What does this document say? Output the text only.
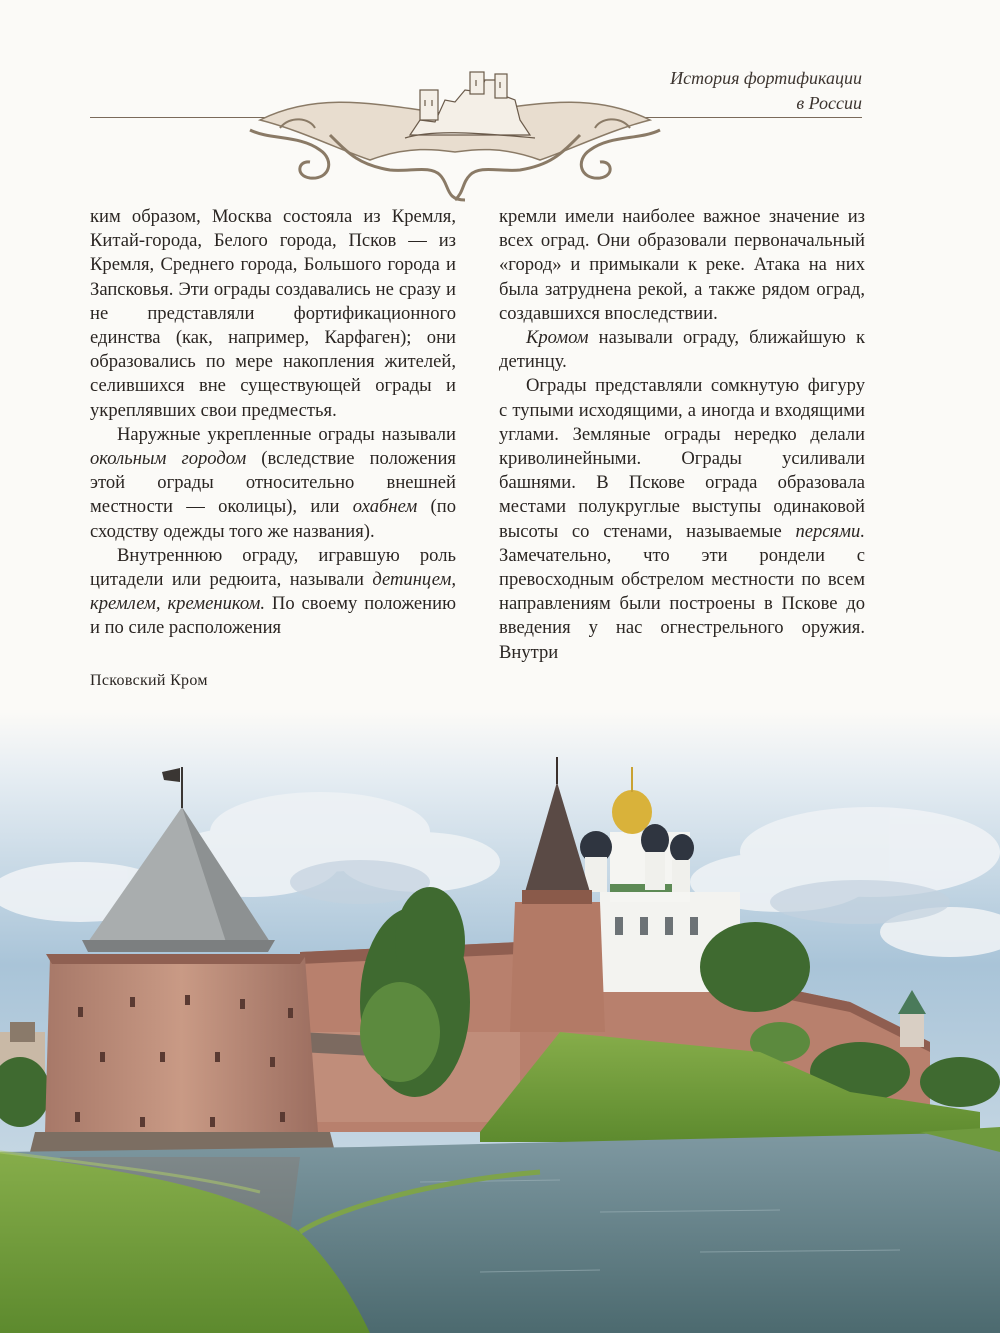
История фортификации
в России

ким образом, Москва состояла из Кремля, Китай-города, Белого города, Псков — из Кремля, Среднего города, Большого города и Запсковья. Эти ограды создавались не сразу и не представляли фортификационного единства (как, например, Карфаген); они образовались по мере накопления жителей, селившихся вне существующей ограды и укреплявших свои предместья.

Наружные укрепленные ограды называли окольным городом (вследствие положения этой ограды относительно внешней местности — околицы), или охабнем (по сходству одежды того же названия).

Внутреннюю ограду, игравшую роль цитадели или редюита, называли детинцем, кремлем, кремеником. По своему положению и по силе расположения

кремли имели наиболее важное значение из всех оград. Они образовали первоначальный «город» и примыкали к реке. Атака на них была затруднена рекой, а также рядом оград, создавшихся впоследствии.

Кромом называли ограду, ближайшую к детинцу.

Ограды представляли сомкнутую фигуру с тупыми исходящими, а иногда и входящими углами. Земляные ограды нередко делали криволинейными. Ограды усиливали башнями. В Пскове ограда образовала местами полукруглые выступы одинаковой высоты со стенами, называемые персями. Замечательно, что эти рондели с превосходным обстрелом местности по всем направлениям были построены в Пскове до введения у нас огнестрельного оружия. Внутри

Псковский Кром
